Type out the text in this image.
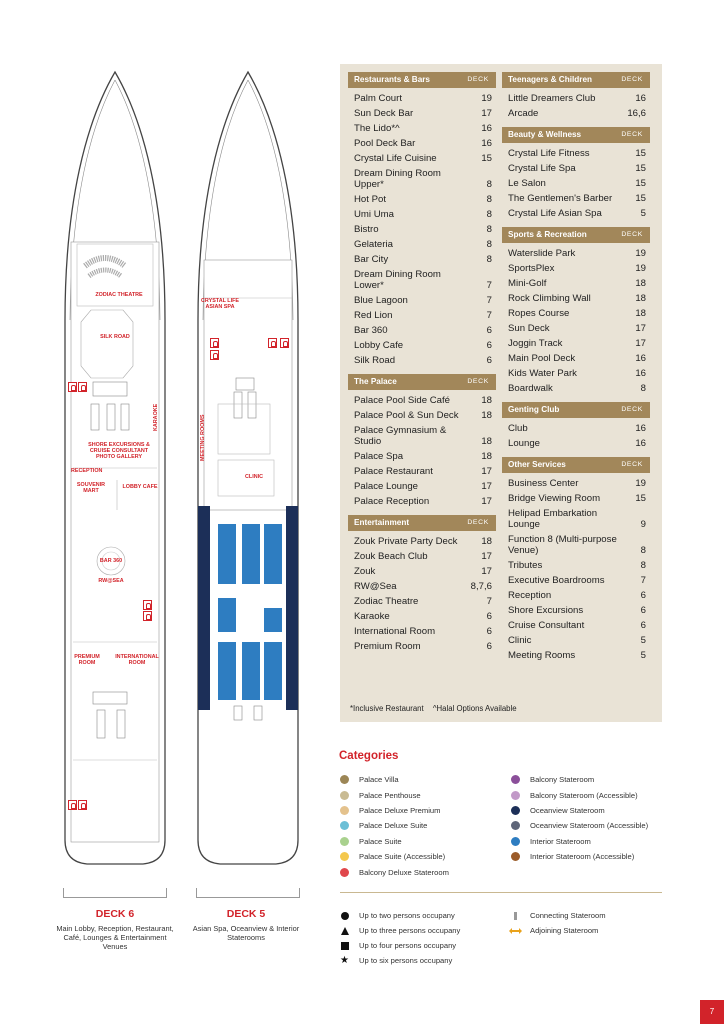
ZODIAC THEATRE
SILK ROAD
KARAOKE
SHORE EXCURSIONS & CRUISE CONSULTANT PHOTO GALLERY
RECEPTION
SOUVENIR MART
LOBBY CAFE
BAR 360
RW@SEA
PREMIUM ROOM
INTERNATIONAL ROOM
CRYSTAL LIFE ASIAN SPA
MEETING ROOMS
CLINIC
DECK 6
Main Lobby, Reception, Restaurant, Café, Lounges & Entertainment Venues
DECK 5
Asian Spa, Oceanview & Interior Staterooms
Restaurants & Bars	DECK
Palm Court	19
Sun Deck Bar	17
The Lido*^	16
Pool Deck Bar	16
Crystal Life Cuisine	15
Dream Dining Room Upper*	8
Hot Pot	8
Umi Uma	8
Bistro	8
Gelateria	8
Bar City	8
Dream Dining Room Lower*	7
Blue Lagoon	7
Red Lion	7
Bar 360	6
Lobby Cafe	6
Silk Road	6
The Palace	DECK
Palace Pool Side Café	18
Palace Pool & Sun Deck 18
Palace Gymnasium & Studio	18
Palace Spa	18
Palace Restaurant	17
Palace Lounge	17
Palace Reception	17
Entertainment	DECK
Zouk Private Party Deck 18
Zouk Beach Club	17
Zouk	17
RW@Sea	8,7,6
Zodiac Theatre	7
Karaoke	6
International Room	6
Premium Room	6
Teenagers & Children	DECK
Little Dreamers Club	16
Arcade	16,6
Beauty & Wellness	DECK
Crystal Life Fitness	15
Crystal Life Spa	15
Le Salon	15
The Gentlemen's Barber 15
Crystal Life Asian Spa	5
Sports & Recreation	DECK
Waterslide Park	19
SportsPlex	19
Mini-Golf	18
Rock Climbing Wall	18
Ropes Course	18
Sun Deck	17
Joggin Track	17
Main Pool Deck	16
Kids Water Park	16
Boardwalk	8
Genting Club	DECK
Club	16
Lounge	16
Other Services	DECK
Business Center	19
Bridge Viewing Room	15
Helipad Embarkation Lounge	9
Function 8 (Multi-purpose Venue)	8
Tributes	8
Executive Boardrooms	7
Reception	6
Shore Excursions	6
Cruise Consultant	6
Clinic	5
Meeting Rooms	5
*Inclusive Restaurant ^Halal Options Available
Categories
Palace Villa
Palace Penthouse
Palace Deluxe Premium
Palace Deluxe Suite
Palace Suite
Palace Suite (Accessible)
Balcony Deluxe Stateroom
Balcony Stateroom
Balcony Stateroom (Accessible)
Oceanview Stateroom
Oceanview Stateroom (Accessible)
Interior Stateroom
Interior Stateroom (Accessible)
Up to two persons occupany
Up to three persons occupany
Up to four persons occupany
★ Up to six persons occupany
Connecting Stateroom
Adjoining Stateroom
7
